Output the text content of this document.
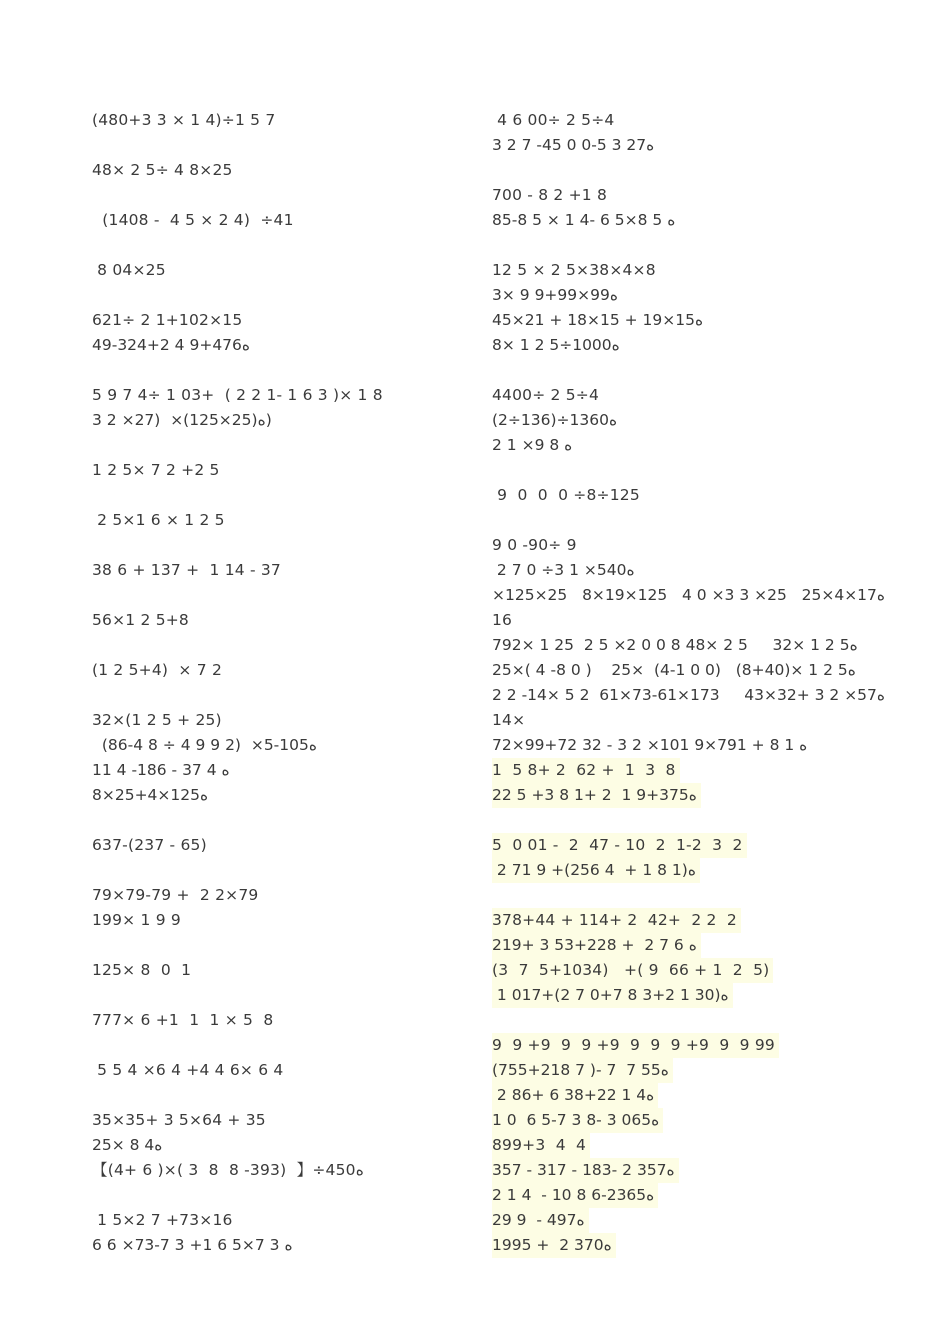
(480+3 3 × 1 4)÷1 5 7
48× 2 5÷ 4 8×25
(1408 -  4 5 × 2 4)  ÷41
8 04×25
621÷ 2 1+102×15
49-324+2 4 9+476ه
5 9 7 4÷ 1 03+  ( 2 2 1- 1 6 3 )× 1 8
3 2 ×27)  ×(125×25)ه)
1 2 5× 7 2 +2 5
2 5×1 6 × 1 2 5
38 6 + 137 +  1 14 - 37
56×1 2 5+8
(1 2 5+4)  × 7 2
32×(1 2 5 + 25)
(86-4 8 ÷ 4 9 9 2)  ×5-105ه
11 4 -186 - 37 4 ه
8×25+4×125ه
637-(237 - 65)
79×79-79 +  2 2×79
199× 1 9 9
125× 8  0  1
777× 6 +1  1  1 × 5  8
5 5 4 ×6 4 +4 4 6× 6 4
35×35+ 3 5×64 + 35
25× 8 4ه
【(4+ 6 )×( 3  8  8 -393)  】÷450ه
1 5×2 7 +73×16
6 6 ×73-7 3 +1 6 5×7 3 ه
4 6 00÷ 2 5÷4
3 2 7 -45 0 0-5 3 27ه
700 - 8 2 +1 8
85-8 5 × 1 4- 6 5×8 5 ه
12 5 × 2 5×38×4×8
3× 9 9+99×99ه
45×21 + 18×15 + 19×15ه
8× 1 2 5÷1000ه
4400÷ 2 5÷4
(2÷136)÷1360ه
2 1 ×9 8 ه
9  0  0  0 ÷8÷125
9 0 -90÷ 9
2 7 0 ÷3 1 ×540ه
×125×25   8×19×125   4 0 ×3 3 ×25   25×4×17ه
16
792× 1 25  2 5 ×2 0 0 8 48× 2 5     32× 1 2 5ه
25×( 4 -8 0 )    25×  (4-1 0 0)   (8+40)× 1 2 5ه
2 2 -14× 5 2  61×73-61×173     43×32+ 3 2 ×57ه
14×
72×99+72 32 - 3 2 ×101 9×791 + 8 1 ه
1  5 8+ 2  62 +  1  3  8
22 5 +3 8 1+ 2  1 9+375ه
5  0 01 -  2  47 - 10  2  1-2  3  2
2 71 9 +(256 4  + 1 8 1)ه
378+44 + 114+ 2  42+  2 2  2
219+ 3 53+228 +  2 7 6 ه
(3  7  5+1034)   +( 9  66 + 1  2  5)
1 017+(2 7 0+7 8 3+2 1 30)ه
9  9 +9  9  9 +9  9  9  9 +9  9  9 99
(755+218 7 )- 7  7 55ه
2 86+ 6 38+22 1 4ه
1 0  6 5-7 3 8- 3 065ه
899+3  4  4
357 - 317 - 183- 2 357ه
2 1 4  - 10 8 6-2365ه
29 9  - 497ه
1995 +  2 370ه
